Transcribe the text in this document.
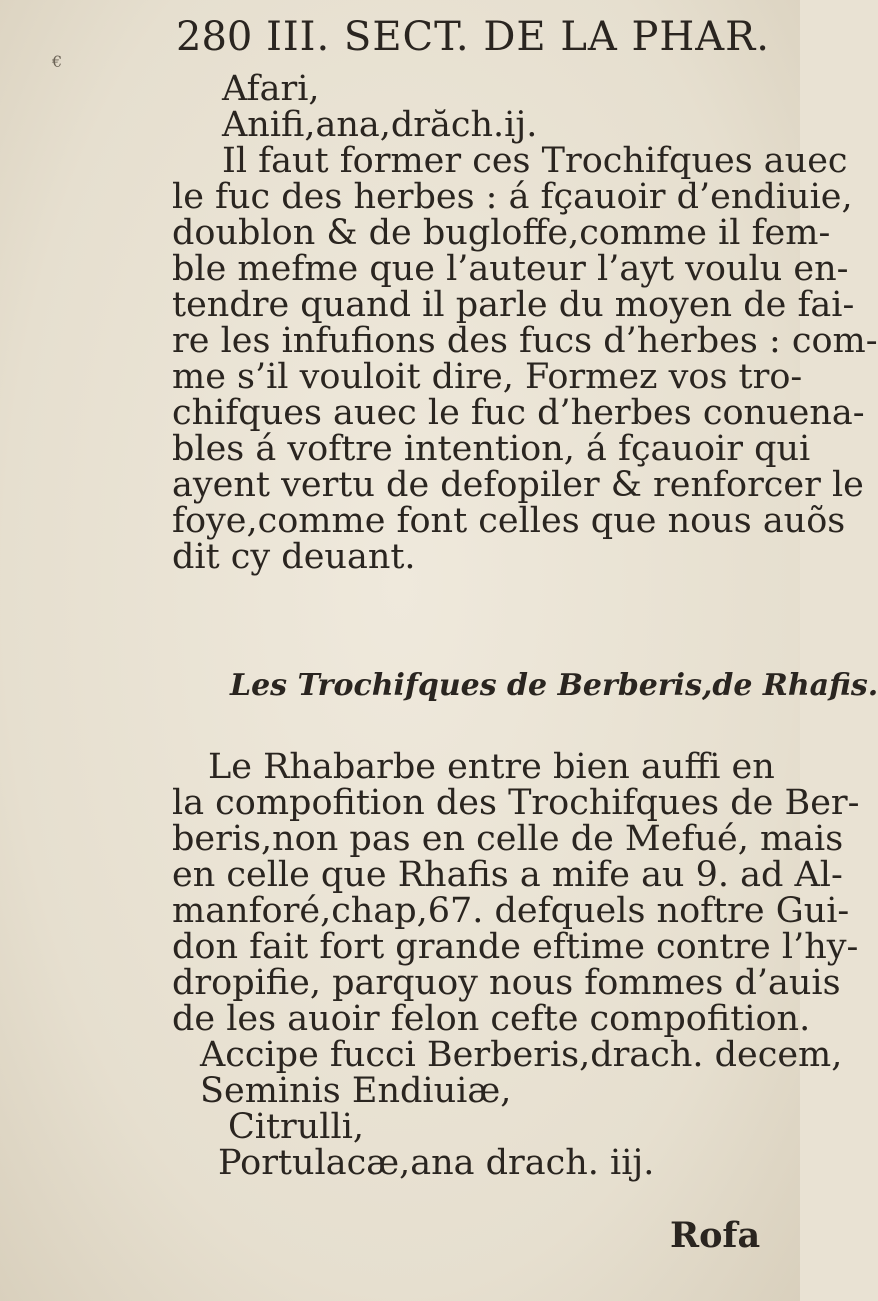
280 III. SECT. DE LA PHAR.
€
Afari,
Anifi,ana,drăch.ij.
Il faut former ces Trochifques auec
le fuc des herbes : á fçauoir d’endiuie,
doublon & de bugloffe,comme il fem-
ble mefme que l’auteur l’ayt voulu en-
tendre quand il parle du moyen de fai-
re les infufions des fucs d’herbes : com-
me s’il vouloit dire, Formez vos tro-
chifques auec le fuc d’herbes conuena-
bles á voftre intention, á fçauoir qui
ayent vertu de defopiler & renforcer le
foye,comme font celles que nous auõs
dit cy deuant.
Les Trochifques de Berberis,de Rhafis.
Le Rhabarbe entre bien auffi en
la compofition des Trochifques de Ber-
beris,non pas en celle de Mefué, mais
en celle que Rhafis a mife au 9. ad Al-
manforé,chap,67. defquels noftre Gui-
don fait fort grande eftime contre l’hy-
dropifie, parquoy nous fommes d’auis
de les auoir felon cefte compofition.
Accipe fucci Berberis,drach. decem,
Seminis Endiuiæ,
Citrulli,
Portulacæ,ana drach. iij.
Rofa
